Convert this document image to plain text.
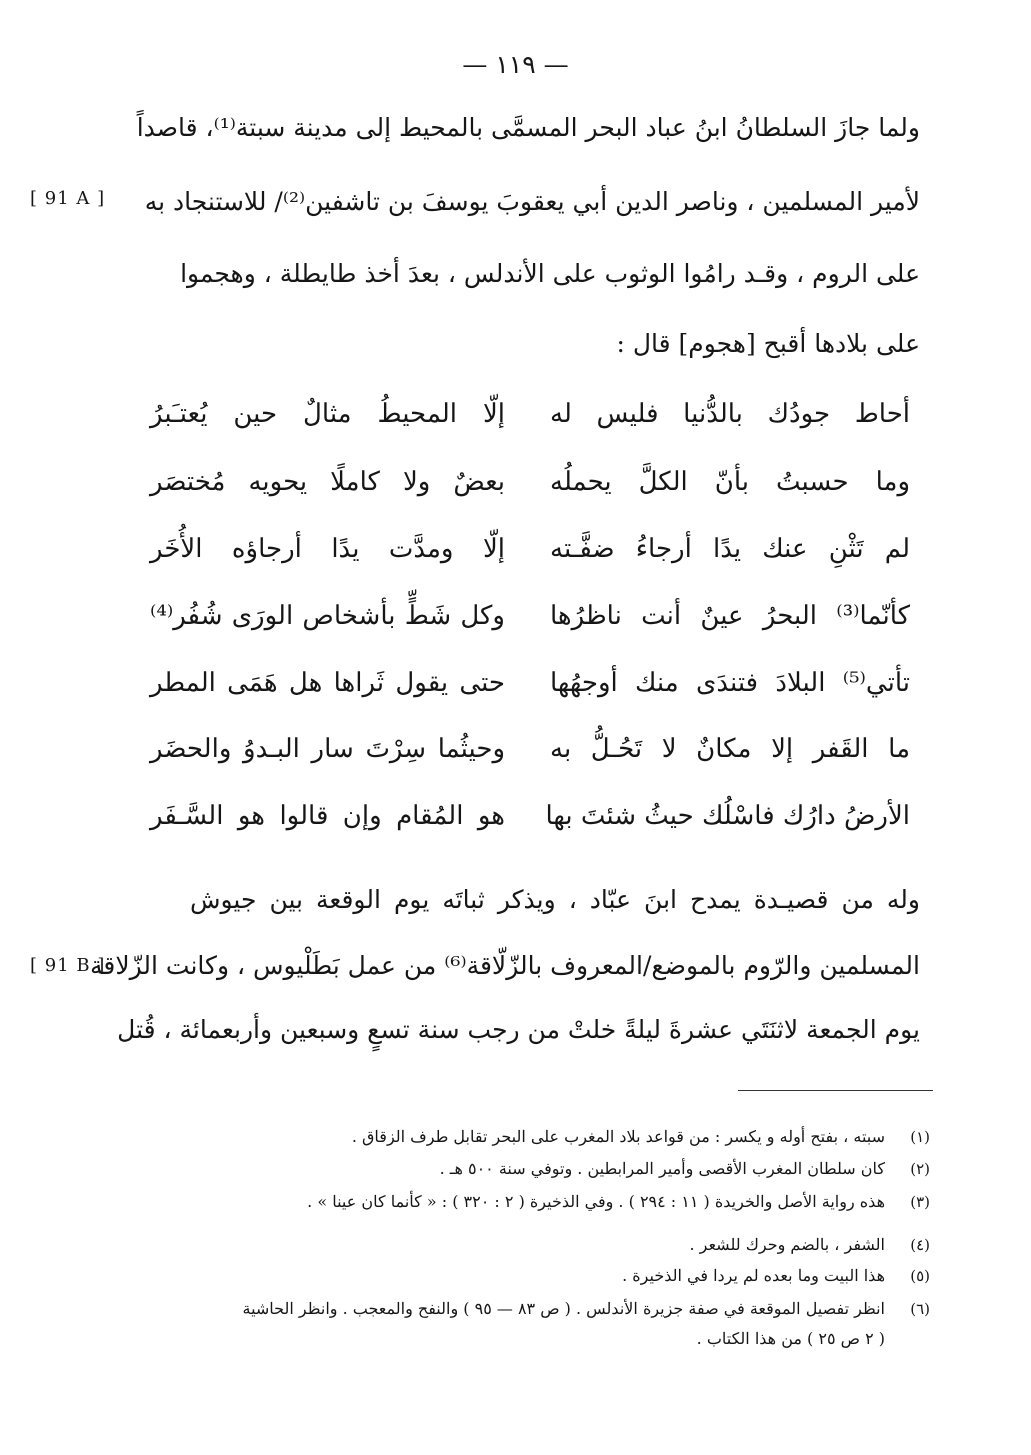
— ١١٩ —
ولما جازَ السلطانُ ابنُ عباد البحر المسمَّى بالمحيط إلى مدينة سبتة⁽¹⁾، قاصداً
لأمير المسلمين ، وناصر الدين أبي يعقوبَ يوسفَ بن تاشفين⁽²⁾/ للاستنجاد به
[ 91 A ]
على الروم ، وقـد رامُوا الوثوب على الأندلس ، بعدَ أخذ طايطلة ، وهجموا
على بلادها أقبح [هجوم] قال :
أحاط جودُك بالدُّنيا فليس له
إلّا المحيطُ مثالٌ حين يُعتـَبرُ
وما حسبتُ بأنّ الكلَّ يحملُه
بعضٌ ولا كاملًا يحويه مُختصَر
لم تَثْنِ عنك يدًا أرجاءُ ضفَّـته
إلّا ومدَّت يدًا أرجاؤه الأُخَر
كأنّما⁽³⁾ البحرُ عينٌ أنت ناظرُها
وكل شَطٍّ بأشخاص الورَى شُفُر⁽⁴⁾
تأتي⁽⁵⁾ البلادَ فتندَى منك أوجهُها
حتى يقول ثَراها هل هَمَى المطر
ما القَفر إلا مكانٌ لا تَحُـلُّ به
وحيثُما سِرْتَ سار البـدوُ والحضَر
الأرضُ دارُك فاسْلُك حيثُ شئتَ بها
هو المُقام وإن قالوا هو السَّـفَر
وله من قصيـدة يمدح ابنَ عبّاد ، ويذكر ثباتَه يوم الوقعة بين جيوش
المسلمين والرّوم بالموضع/المعروف بالزّلّاقة⁽⁶⁾ من عمل بَطَلْيوس ، وكانت الزّلاقة
[ 91 B ]
يوم الجمعة لاثنَتَي عشرةَ ليلةً خلتْ من رجب سنة تسعٍ وسبعين وأربعمائة ، قُتل
(١)
سبته ، بفتح أوله و يكسر : من قواعد بلاد المغرب على البحر تقابل طرف الزقاق .
(٢)
كان سلطان المغرب الأقصى وأمير المرابطين . وتوفي سنة ٥٠٠ هـ .
(٣)
هذه رواية الأصل والخريدة ( ١١ : ٢٩٤ ) . وفي الذخيرة ( ٢ : ٣٢٠ ) : « كأنما كان عينا » .
(٤)
الشفر ، بالضم وحرك للشعر .
(٥)
هذا البيت وما بعده لم يردا في الذخيرة .
(٦)
انظر تفصيل الموقعة في صفة جزيرة الأندلس . ( ص ٨٣ — ٩٥ ) والنفح والمعجب . وانظر الحاشية
( ٢ ص ٢٥ ) من هذا الكتاب .
